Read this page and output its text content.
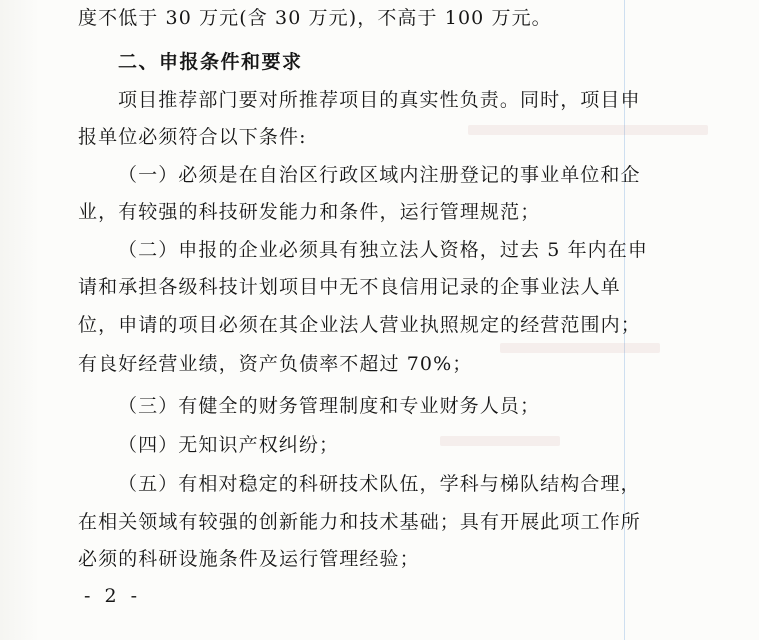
度不低于 30 万元(含 30 万元)，不高于 100 万元。
二、申报条件和要求
项目推荐部门要对所推荐项目的真实性负责。同时，项目申
报单位必须符合以下条件:
（一）必须是在自治区行政区域内注册登记的事业单位和企
业，有较强的科技研发能力和条件，运行管理规范；
（二）申报的企业必须具有独立法人资格，过去 5 年内在申
请和承担各级科技计划项目中无不良信用记录的企事业法人单
位，申请的项目必须在其企业法人营业执照规定的经营范围内；
有良好经营业绩，资产负债率不超过 70%；
（三）有健全的财务管理制度和专业财务人员；
（四）无知识产权纠纷；
（五）有相对稳定的科研技术队伍，学科与梯队结构合理，
在相关领域有较强的创新能力和技术基础；具有开展此项工作所
必须的科研设施条件及运行管理经验；
- 2 -
